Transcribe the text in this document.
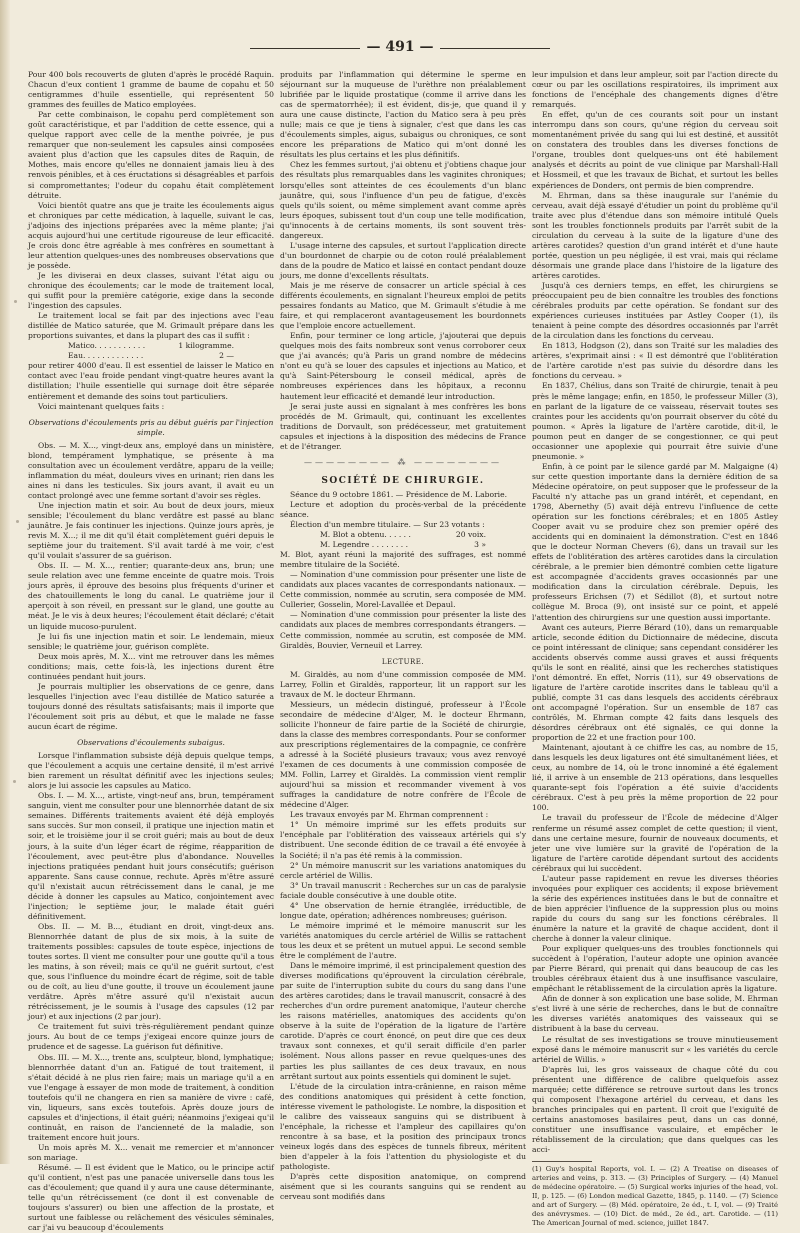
— 491 —

Pour 400 bols recouverts de gluten d'après le procédé Raquin. Chacun d'eux contient 1 gramme de baume de copahu et 50 centigrammes d'huile essentielle, qui représentent 50 grammes des feuilles de Matico employées.

Par cette combinaison, le copahu perd complètement son goût caractéristique, et par l'addition de cette essence, qui a quelque rapport avec celle de la menthe poivrée, je pus remarquer que non-seulement les capsules ainsi composées avaient plus d'action que les capsules dites de Raquin, de Mothes, mais encore qu'elles ne donnaient jamais lieu à des renvois pénibles, et à ces éructations si désagréables et parfois si compromettantes; l'odeur du copahu était complètement détruite.

Voici bientôt quatre ans que je traite les écoulements aigus et chroniques par cette médication, à laquelle, suivant le cas, j'adjoins des injections préparées avec la même plante; j'ai acquis aujourd'hui une certitude rigoureuse de leur efficacité. Je crois donc être agréable à mes confrères en soumettant à leur attention quelques-unes des nombreuses observations que je possède.

Je les diviserai en deux classes, suivant l'état aigu ou chronique des écoulements; car le mode de traitement local, qui suffit pour la première catégorie, exige dans la seconde l'ingestion des capsules.

Le traitement local se fait par des injections avec l'eau distillée de Matico saturée, que M. Grimault prépare dans les proportions suivantes, et dans la plupart des cas il suffit :

Matico. . . . . . . . . . .	1 kilogramme.
Eau. . . . . . . . . . . . .	2 —

pour retirer 4000 d'eau. Il est essentiel de laisser le Matico en contact avec l'eau froide pendant vingt-quatre heures avant la distillation; l'huile essentielle qui surnage doit être séparée entièrement et demande des soins tout particuliers.

Voici maintenant quelques faits :

Observations d'écoulements pris au début guéris par l'injection simple.

Obs. — M. X..., vingt-deux ans, employé dans un ministère, blond, tempérament lymphatique, se présente à ma consultation avec un écoulement verdâtre, apparu de la veille; inflammation du méat, douleurs vives en urinant; rien dans les aines ni dans les testicules. Six jours avant, il avait eu un contact prolongé avec une femme sortant d'avoir ses règles.

Une injection matin et soir. Au bout de deux jours, mieux sensible; l'écoulement du blanc verdâtre est passé au blanc jaunâtre. Je fais continuer les injections. Quinze jours après, je revis M. X...; il me dit qu'il était complètement guéri depuis le septième jour du traitement. S'il avait tardé à me voir, c'est qu'il voulait s'assurer de sa guérison.

Obs. II. — M. X..., rentier; quarante-deux ans, brun; une seule relation avec une femme enceinte de quatre mois. Trois jours après, il éprouve des besoins plus fréquents d'uriner et des chatouillements le long du canal. Le quatrième jour il aperçoit à son réveil, en pressant sur le gland, une goutte au méat. Je le vis à deux heures; l'écoulement était déclaré; c'était un liquide mucoso-purulent.

Je lui fis une injection matin et soir. Le lendemain, mieux sensible; le quatrième jour, guérison complète.

Deux mois après, M. X... vint me retrouver dans les mêmes conditions; mais, cette fois-là, les injections durent être continuées pendant huit jours.

Je pourrais multiplier les observations de ce genre, dans lesquelles l'injection avec l'eau distillée de Matico saturée a toujours donné des résultats satisfaisants; mais il importe que l'écoulement soit pris au début, et que le malade ne fasse aucun écart de régime.

Observations d'écoulements subaigus.

Lorsque l'inflammation subsiste déjà depuis quelque temps, que l'écoulement a acquis une certaine densité, il m'est arrivé bien rarement un résultat définitif avec les injections seules; alors je lui associe les capsules au Matico.

Obs. I. — M. X..., artiste, vingt-neuf ans, brun, tempérament sanguin, vient me consulter pour une blennorrhée datant de six semaines. Différents traitements avaient été déjà employés sans succès. Sur mon conseil, il pratique une injection matin et soir, et le troisième jour il se croit guéri; mais au bout de deux jours, à la suite d'un léger écart de régime, réapparition de l'écoulement, avec peut-être plus d'abondance. Nouvelles injections pratiquées pendant huit jours consécutifs; guérison apparente. Sans cause connue, rechute. Après m'être assuré qu'il n'existait aucun rétrécissement dans le canal, je me décide à donner les capsules au Matico, conjointement avec l'injection; le septième jour, le malade était guéri définitivement.

Obs. II. — M. B..., étudiant en droit, vingt-deux ans. Blennorrhée datant de plus de six mois, à la suite de traitements possibles: capsules de toute espèce, injections de toutes sortes. Il vient me consulter pour une goutte qu'il a tous les matins, à son réveil; mais ce qu'il ne guérit surtout, c'est que, sous l'influence du moindre écart de régime, soit de table ou de coït, au lieu d'une goutte, il trouve un écoulement jaune verdâtre. Après m'être assuré qu'il n'existait aucun rétrécissement, je le soumis à l'usage des capsules (12 par jour) et aux injections (2 par jour).

Ce traitement fut suivi très-régulièrement pendant quinze jours. Au bout de ce temps j'exigeai encore quinze jours de prudence et de sagesse. La guérison fut définitive.

Obs. III. — M. X..., trente ans, sculpteur, blond, lymphatique; blennorrhée datant d'un an. Fatigué de tout traitement, il s'était décidé à ne plus rien faire; mais un mariage qu'il a en vue l'engage à essayer de mon mode de traitement, à condition toutefois qu'il ne changera en rien sa manière de vivre : café, vin, liqueurs, sans excès toutefois. Après douze jours de capsules et d'injections, il était guéri; néanmoins j'exigeai qu'il continuât, en raison de l'ancienneté de la maladie, son traitement encore huit jours.

Un mois après M. X... venait me remercier et m'annoncer son mariage.

Résumé. — Il est évident que le Matico, ou le principe actif qu'il contient, n'est pas une panacée universelle dans tous les cas d'écoulement; que quand il y aura une cause déterminante, telle qu'un rétrécissement (ce dont il est convenable de toujours s'assurer) ou bien une affection de la prostate, et surtout une faiblesse ou relâchement des vésicules séminales, car j'ai vu beaucoup d'écoulements

produits par l'inflammation qui détermine le sperme en séjournant sur la muqueuse de l'urèthre non préalablement lubrifiée par le liquide prostatique (comme il arrive dans les cas de spermatorrhée); il est évident, dis-je, que quand il y aura une cause distincte, l'action du Matico sera à peu près nulle; mais ce que je tiens à signaler, c'est que dans les cas d'écoulements simples, aigus, subaigus ou chroniques, ce sont encore les préparations de Matico qui m'ont donné les résultats les plus certains et les plus définitifs.

Chez les femmes surtout, j'ai obtenu et j'obtiens chaque jour des résultats plus remarquables dans les vaginites chroniques; lorsqu'elles sont atteintes de ces écoulements d'un blanc jaunâtre, qui, sous l'influence d'un peu de fatigue, d'excès quels qu'ils soient, ou même simplement avant comme après leurs époques, subissent tout d'un coup une telle modification, qu'innocents à de certains moments, ils sont souvent très-dangereux.

L'usage interne des capsules, et surtout l'application directe d'un bourdonnet de charpie ou de coton roulé préalablement dans de la poudre de Matico et laissé en contact pendant douze jours, me donne d'excellents résultats.

Mais je me réserve de consacrer un article spécial à ces différents écoulements, en signalant l'heureux emploi de petits pessaires fondants au Matico, que M. Grimault s'étudie à me faire, et qui remplaceront avantageusement les bourdonnets que l'emploie encore actuellement.

Enfin, pour terminer ce long article, j'ajouterai que depuis quelques mois des faits nombreux sont venus corroborer ceux que j'ai avancés; qu'à Paris un grand nombre de médecins n'ont eu qu'à se louer des capsules et injections au Matico, et qu'à Saint-Pétersbourg le conseil médical, après de nombreuses expériences dans les hôpitaux, a reconnu hautement leur efficacité et demandé leur introduction.

Je serai juste aussi en signalant à mes confrères les bons procédés de M. Grimault, qui, continuant les excellentes traditions de Dorvault, son prédécesseur, met gratuitement capsules et injections à la disposition des médecins de France et de l'étranger.

———————— ⁂ ————————
SOCIÉTÉ DE CHIRURGIE.

Séance du 9 octobre 1861. — Présidence de M. Laborie.

Lecture et adoption du procès-verbal de la précédente séance.

Élection d'un membre titulaire. — Sur 23 votants :

M. Blot a obtenu. . . . . .	20 voix.
M. Legendre . . . . . . . .	3 »

M. Blot, ayant réuni la majorité des suffrages, est nommé membre titulaire de la Société.

— Nomination d'une commission pour présenter une liste de candidats aux places vacantes de correspondants nationaux. — Cette commission, nommée au scrutin, sera composée de MM. Cullerier, Gosselin, Morel-Lavallée et Depaul.

— Nomination d'une commission pour présenter la liste des candidats aux places de membres correspondants étrangers. — Cette commission, nommée au scrutin, est composée de MM. Giraldès, Bouvier, Verneuil et Larrey.

LECTURE.

M. Giraldès, au nom d'une commission composée de MM. Larrey, Follin et Giraldès, rapporteur, lit un rapport sur les travaux de M. le docteur Ehrmann.

Messieurs, un médecin distingué, professeur à l'École secondaire de médecine d'Alger, M. le docteur Ehrmann, sollicite l'honneur de faire partie de la Société de chirurgie, dans la classe des membres correspondants. Pour se conformer aux prescriptions réglementaires de la compagnie, ce confrère a adressé à la Société plusieurs travaux; vous avez renvoyé l'examen de ces documents à une commission composée de MM. Follin, Larrey et Giraldès. La commission vient remplir aujourd'hui sa mission et recommander vivement à vos suffrages la candidature de notre confrère de l'École de médecine d'Alger.

Les travaux envoyés par M. Ehrman comprennent :

1° Un mémoire imprimé sur les effets produits sur l'encéphale par l'oblitération des vaisseaux artériels qui s'y distribuent. Une seconde édition de ce travail a été envoyée à la Société; il n'a pas été remis à la commission.

2° Un mémoire manuscrit sur les variations anatomiques du cercle artériel de Willis.

3° Un travail manuscrit : Recherches sur un cas de paralysie faciale double consécutive à une double otite.

4° Une observation de hernie étranglée, irréductible, de longue date, opération; adhérences nombreuses; guérison.

Le mémoire imprimé et le mémoire manuscrit sur les variétés anatomiques du cercle artériel de Willis se rattachent tous les deux et se prêtent un mutuel appui. Le second semble être le complément de l'autre.

Dans le mémoire imprimé, il est principalement question des diverses modifications qu'éprouvent la circulation cérébrale, par suite de l'interruption subite du cours du sang dans l'une des artères carotides; dans le travail manuscrit, consacré à des recherches d'un ordre purement anatomique, l'auteur cherche les raisons matérielles, anatomiques des accidents qu'on observe à la suite de l'opération de la ligature de l'artère carotide. D'après ce court énoncé, on peut dire que ces deux travaux sont connexes, et qu'il serait difficile d'en parler isolément. Nous allons passer en revue quelques-unes des parties les plus saillantes de ces deux travaux, en nous arrêtant surtout aux points essentiels qui dominent le sujet.

L'étude de la circulation intra-crânienne, en raison même des conditions anatomiques qui président à cette fonction, intéresse vivement le pathologiste. Le nombre, la disposition et le calibre des vaisseaux sanguins qui se distribuent à l'encéphale, la richesse et l'ampleur des capillaires qu'on rencontre à sa base, et la position des principaux troncs veineux logés dans des espèces de tunnels fibreux, méritent bien d'appeler à la fois l'attention du physiologiste et du pathologiste.

D'après cette disposition anatomique, on comprend aisément que si les courants sanguins qui se rendent au cerveau sont modifiés dans

leur impulsion et dans leur ampleur, soit par l'action directe du cœur ou par les oscillations respiratoires, ils impriment aux fonctions de l'encéphale des changements dignes d'être remarqués.

En effet, qu'un de ces courants soit pour un instant interrompu dans son cours, qu'une région du cerveau soit momentanément privée du sang qui lui est destiné, et aussitôt on constatera des troubles dans les diverses fonctions de l'organe, troubles dont quelques-uns ont été habilement analysés et décrits au point de vue clinique par Marshall-Hall et Hossmeil, et que les travaux de Bichat, et surtout les belles expériences de Donders, ont permis de bien comprendre.

M. Ehrman, dans sa thèse inaugurale sur l'anémie du cerveau, avait déjà essayé d'étudier un point du problème qu'il traite avec plus d'étendue dans son mémoire intitulé Quels sont les troubles fonctionnels produits par l'arrêt subit de la circulation du cerveau à la suite de la ligature d'une des artères carotides? question d'un grand intérêt et d'une haute portée, question un peu négligée, il est vrai, mais qui réclame désormais une grande place dans l'histoire de la ligature des artères carotides.

Jusqu'à ces derniers temps, en effet, les chirurgiens se préoccupaient peu de bien connaître les troubles des fonctions cérébrales produits par cette opération. Se fondant sur des expériences curieuses instituées par Astley Cooper (1), ils tenaient à peine compte des désordres occasionnés par l'arrêt de la circulation dans les fonctions du cerveau.

En 1813, Hodgson (2), dans son Traité sur les maladies des artères, s'exprimait ainsi : « Il est démontré que l'oblitération de l'artère carotide n'est pas suivie du désordre dans les fonctions du cerveau. »

En 1837, Chélius, dans son Traité de chirurgie, tenait à peu près le même langage; enfin, en 1850, le professeur Miller (3), en parlant de la ligature de ce vaisseau, réservait toutes ses craintes pour les accidents qu'on pourrait observer du côté du poumon. « Après la ligature de l'artère carotide, dit-il, le poumon peut en danger de se congestionner, ce qui peut occasionner une apoplexie qui pourrait être suivie d'une pneumonie. »

Enfin, à ce point par le silence gardé par M. Malgaigne (4) sur cette question importante dans la dernière édition de sa Médecine opératoire, on peut supposer que le professeur de la Faculté n'y attache pas un grand intérêt, et cependant, en 1798, Abernethy (5) avait déjà entrevu l'influence de cette opération sur les fonctions cérébrales; et en 1805 Astley Cooper avait vu se produire chez son premier opéré des accidents qui en dominaient la démonstration. C'est en 1846 que le docteur Norman Chevers (6), dans un travail sur les effets de l'oblitération des artères carotides dans la circulation cérébrale, a le premier bien démontré combien cette ligature est accompagnée d'accidents graves occasionnés par une modification dans la circulation cérébrale. Depuis, les professeurs Erichsen (7) et Sédillot (8), et surtout notre collègue M. Broca (9), ont insisté sur ce point, et appelé l'attention des chirurgiens sur une question aussi importante.

Avant ces auteurs, Pierre Bérard (10), dans un remarquable article, seconde édition du Dictionnaire de médecine, discuta ce point intéressant de clinique; sans cependant considérer les accidents observés comme aussi graves et aussi fréquents qu'ils le sont en réalité, ainsi que les recherches statistiques l'ont démontré. En effet, Norris (11), sur 49 observations de ligature de l'artère carotide inscrites dans le tableau qu'il a publié, compte 31 cas dans lesquels des accidents cérébraux ont accompagné l'opération. Sur un ensemble de 187 cas contrôlés, M. Ehrman compte 42 faits dans lesquels des désordres cérébraux ont été signalés, ce qui donne la proportion de 22 et une fraction pour 100.

Maintenant, ajoutant à ce chiffre les cas, au nombre de 15, dans lesquels les deux ligatures ont été simultanément liées, et ceux, au nombre de 14, où le tronc innominé a été également lié, il arrive à un ensemble de 213 opérations, dans lesquelles quarante-sept fois l'opération a été suivie d'accidents cérébraux. C'est à peu près la même proportion de 22 pour 100.

Le travail du professeur de l'École de médecine d'Alger renferme un résumé assez complet de cette question; il vient, dans une certaine mesure, fournir de nouveaux documents, et jeter une vive lumière sur la gravité de l'opération de la ligature de l'artère carotide dépendant surtout des accidents cérébraux qui lui succèdent.

L'auteur passe rapidement en revue les diverses théories invoquées pour expliquer ces accidents; il expose brièvement la série des expériences instituées dans le but de connaître et de bien apprécier l'influence de la suppression plus ou moins rapide du cours du sang sur les fonctions cérébrales. Il énumère la nature et la gravité de chaque accident, dont il cherche à donner la valeur clinique.

Pour expliquer quelques-uns des troubles fonctionnels qui succèdent à l'opération, l'auteur adopte une opinion avancée par Pierre Bérard, qui prenait qui dans beaucoup de cas les troubles cérébraux étaient dus à une insuffisance vasculaire, empêchant le rétablissement de la circulation après la ligature.

Afin de donner à son explication une base solide, M. Ehrman s'est livré à une série de recherches, dans le but de connaître les diverses variétés anatomiques des vaisseaux qui se distribuent à la base du cerveau.

Le résultat de ses investigations se trouve minutieusement exposé dans le mémoire manuscrit sur « les variétés du cercle artériel de Willis. »

D'après lui, les gros vaisseaux de chaque côté du cou présentent une différence de calibre quelquefois assez marquée; cette différence se retrouve surtout dans les troncs qui composent l'hexagone artériel du cerveau, et dans les branches principales qui en partent. Il croit que l'exiguïté de certains anastomoses basilaires peut, dans un cas donné, constituer une insuffisance vasculaire, et empêcher le rétablissement de la circulation; que dans quelques cas les acci-

(1) Guy's hospital Reports, vol. I. — (2) A Treatise on diseases of arteries and veins, p. 313. — (3) Principles of Surgery. — (4) Manuel de médecine opératoire. — (5) Surgical works injuries of the head, vol. II, p. 125. — (6) London medical Gazette, 1845, p. 1140. — (7) Science and art of Surgery. — (8) Méd. opératoire, 2e éd., t. I, vol. — (9) Traité des anévrysmes. — (10) Dict. de méd., 2e éd., art. Carotide. — (11) The American Journal of med. science, juillet 1847.
